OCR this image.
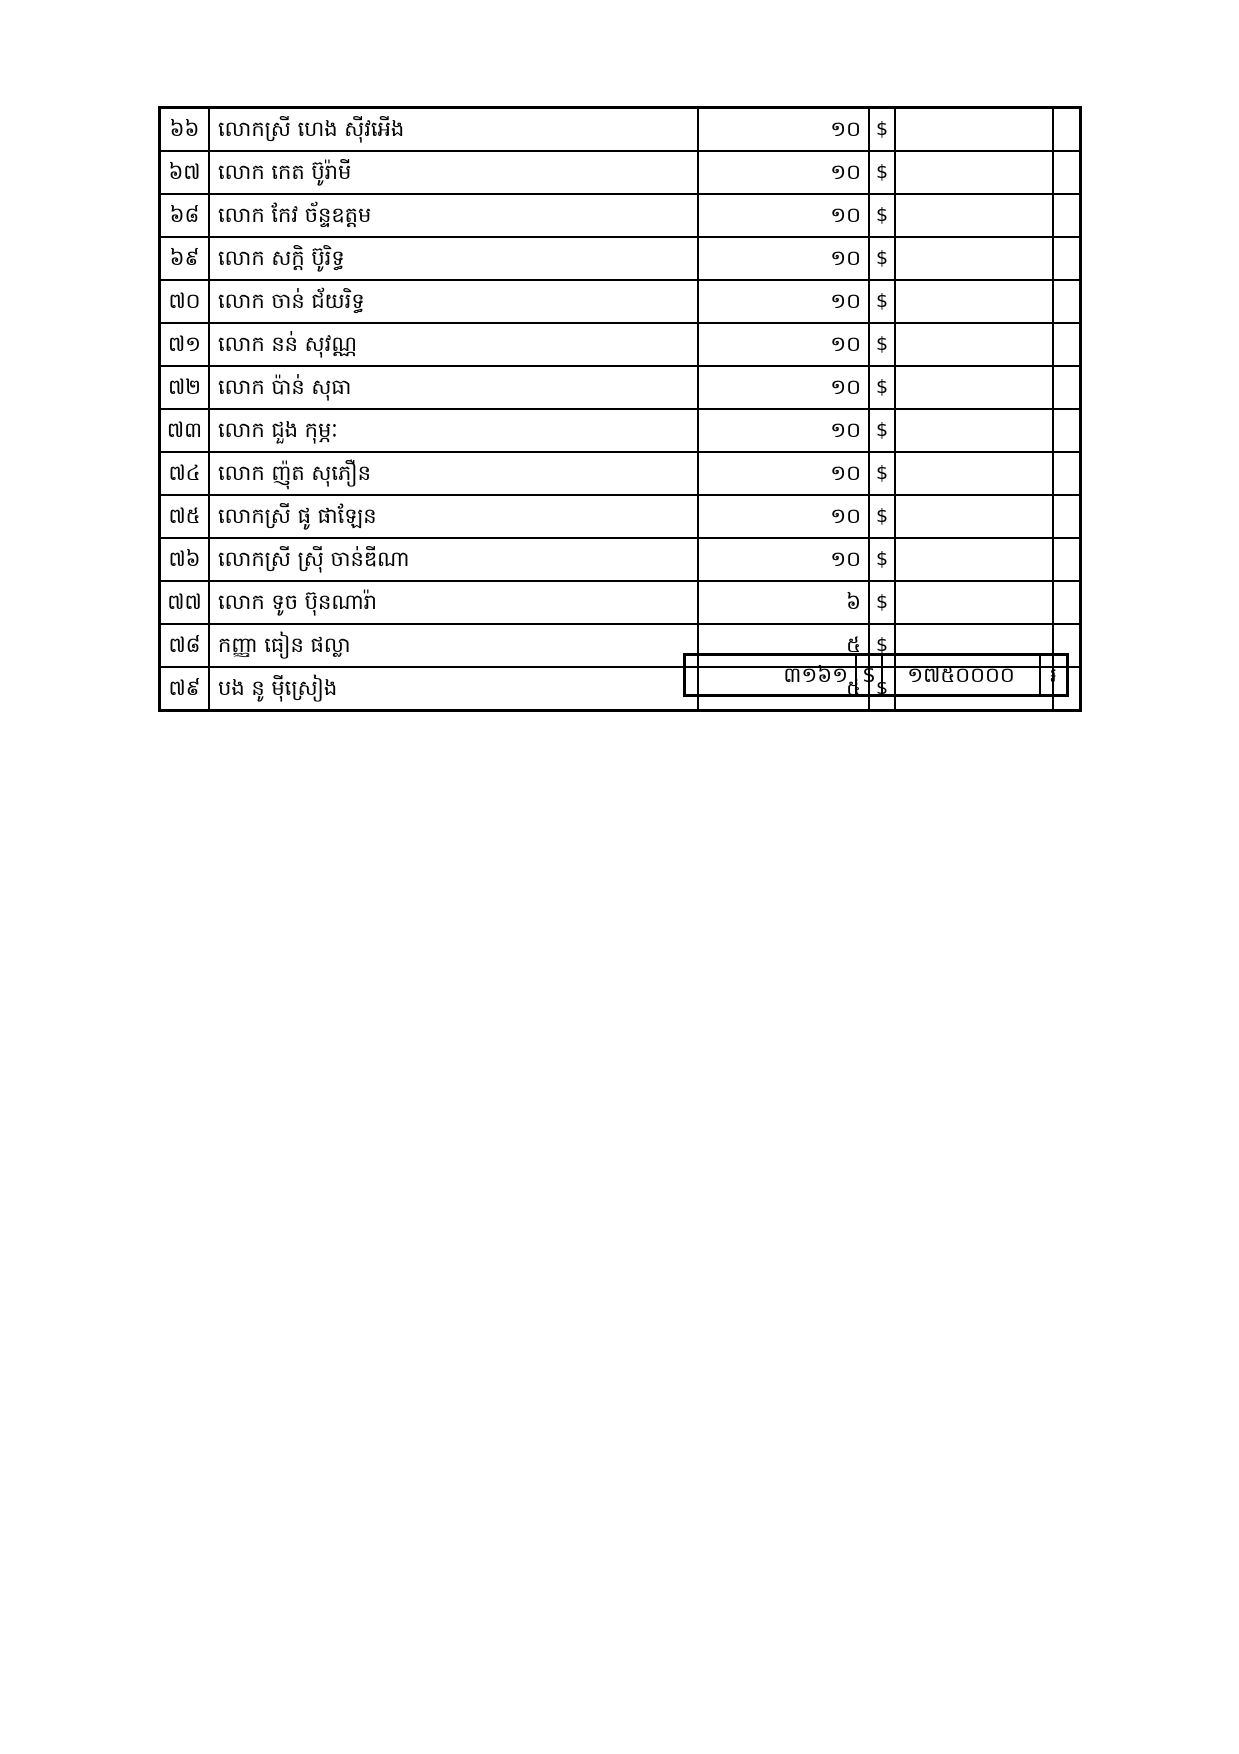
៦៦	លោកស្រី ហេង ស៊ីវអើង	១០	$		
៦៧	លោក កេត ប៊ូរ៉ាមី	១០	$		
៦៨	លោក កែវ ច័ន្ទឧត្តម	១០	$		
៦៩	លោក សក្តិ ប៊ូរិទ្ធ	១០	$		
៧០	លោក ចាន់ ជ័យរិទ្ធ	១០	$		
៧១	លោក នន់ សុវណ្ណ	១០	$		
៧២	លោក ប៉ាន់ សុធា	១០	$		
៧៣	លោក ជួង កុម្ភៈ	១០	$		
៧៤	លោក ញ៉ុត សុភឿន	១០	$		
៧៥	លោកស្រី ផូ ផាឡែន	១០	$		
៧៦	លោកស្រី ស្រ៊ី ចាន់ឌីណា	១០	$		
៧៧	លោក ទូច ប៊ុនណារ៉ា	៦	$		
៧៨	កញ្ញា ធៀន ផល្លា	៥	$		
៧៩	បង នូ មុីស្រៀង	៥	$		
៣១៦១	$	១៧៥០០០០	៛
